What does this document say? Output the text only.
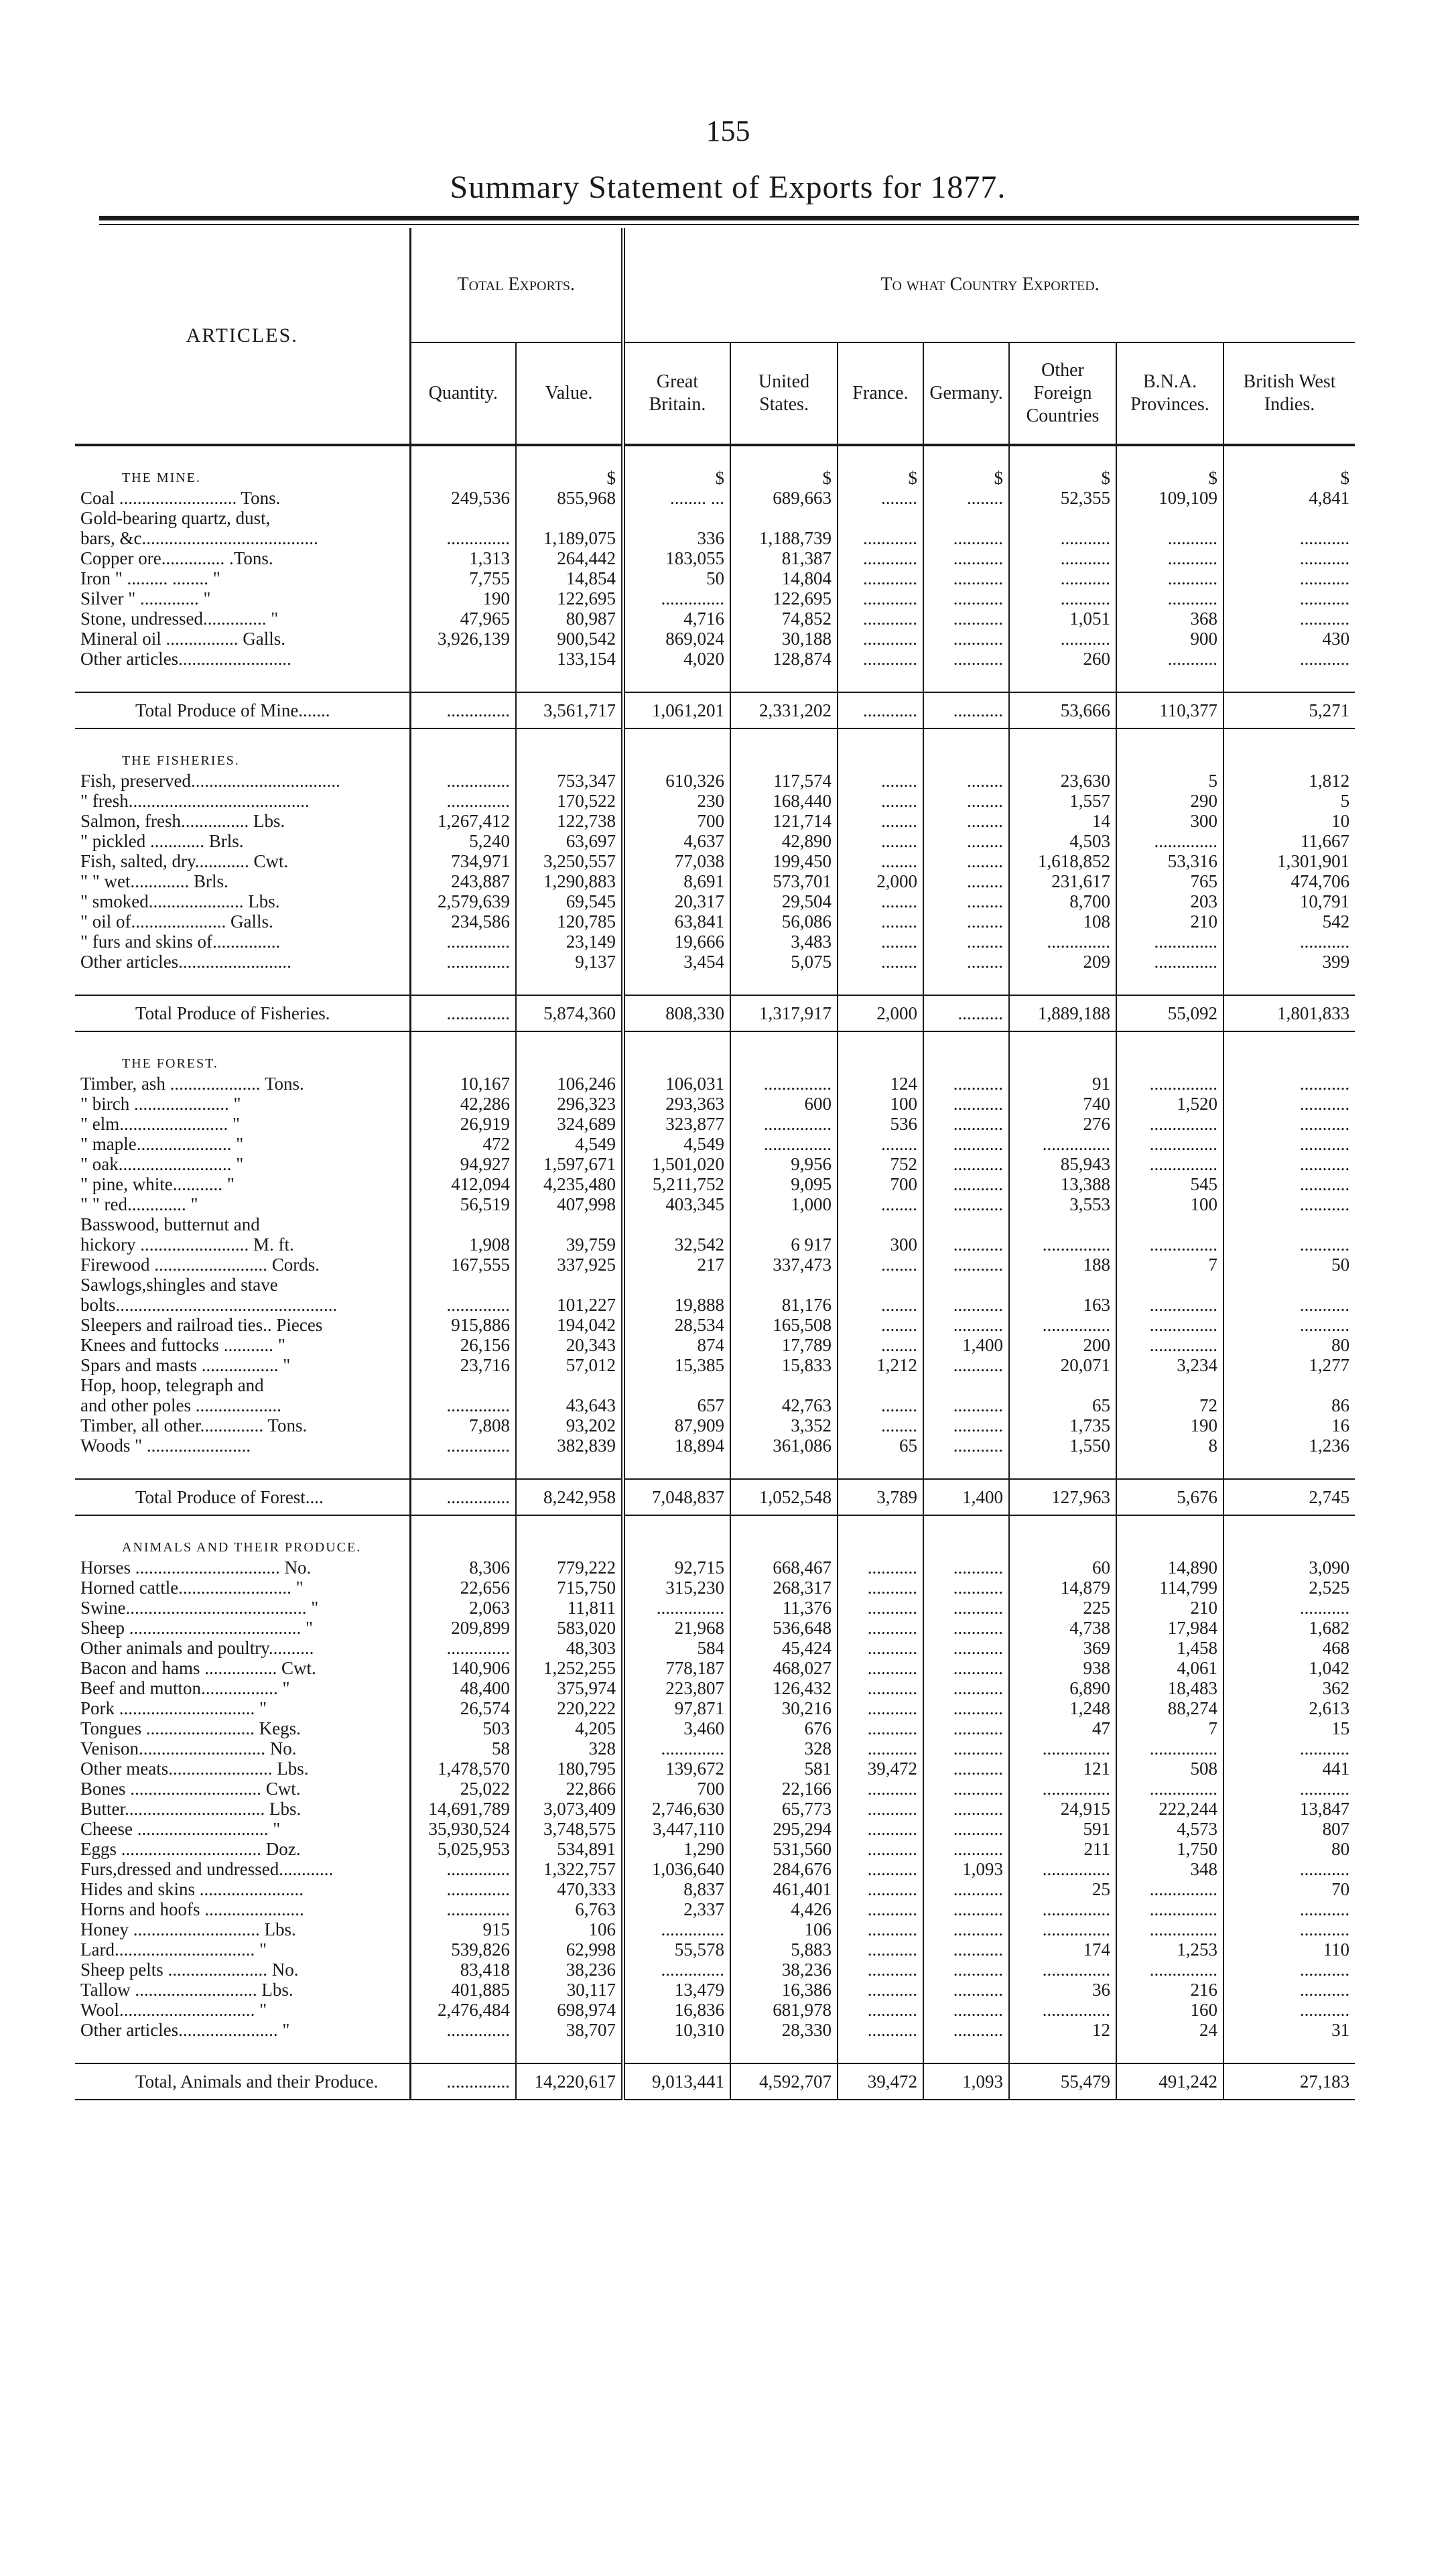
155
Summary Statement of Exports for 1877.
ARTICLES.	Total Exports.		To what Country Exported.						
	Quantity.	Value.	Great Britain.	United States.	France.	Germany.	Other Foreign Countries	B.N.A. Provinces.	British West Indies.
THE MINE.		$	$	$	$	$	$	$	$
Coal .......................... Tons.	249,536	855,968	........ ...	689,663	........	........	52,355	109,109	4,841
Gold-bearing quartz, dust,									
bars, &c.......................................	..............	1,189,075	336	1,188,739	............	...........	...........	...........	...........
Copper ore.............. .Tons.	1,313	264,442	183,055	81,387	............	...........	...........	...........	...........
Iron " ......... ........ "	7,755	14,854	50	14,804	............	...........	...........	...........	...........
Silver " ............. "	190	122,695	..............	122,695	............	...........	...........	...........	...........
Stone, undressed.............. "	47,965	80,987	4,716	74,852	............	...........	1,051	368	...........
Mineral oil ................ Galls.	3,926,139	900,542	869,024	30,188	............	...........	...........	900	430
Other articles.........................		133,154	4,020	128,874	............	...........	260	...........	...........

Total Produce of Mine.......	..............	3,561,717	1,061,201	2,331,202	............	...........	53,666	110,377	5,271
THE FISHERIES.									
Fish, preserved.................................	..............	753,347	610,326	117,574	........	........	23,630	5	1,812
" fresh........................................	..............	170,522	230	168,440	........	........	1,557	290	5
Salmon, fresh............... Lbs.	1,267,412	122,738	700	121,714	........	........	14	300	10
" pickled ............ Brls.	5,240	63,697	4,637	42,890	........	........	4,503	..............	11,667
Fish, salted, dry............ Cwt.	734,971	3,250,557	77,038	199,450	........	........	1,618,852	53,316	1,301,901
" " wet............. Brls.	243,887	1,290,883	8,691	573,701	2,000	........	231,617	765	474,706
" smoked..................... Lbs.	2,579,639	69,545	20,317	29,504	........	........	8,700	203	10,791
" oil of..................... Galls.	234,586	120,785	63,841	56,086	........	........	108	210	542
" furs and skins of...............	..............	23,149	19,666	3,483	........	........	..............	..............	...........
Other articles.........................	..............	9,137	3,454	5,075	........	........	209	..............	399

Total Produce of Fisheries.	..............	5,874,360	808,330	1,317,917	2,000	..........	1,889,188	55,092	1,801,833
THE FOREST.									
Timber, ash .................... Tons.	10,167	106,246	106,031	...............	124	...........	91	...............	...........
" birch ..................... "	42,286	296,323	293,363	600	100	...........	740	1,520	...........
" elm........................ "	26,919	324,689	323,877	...............	536	...........	276	...............	...........
" maple..................... "	472	4,549	4,549	...............	........	...........	...............	...............	...........
" oak......................... "	94,927	1,597,671	1,501,020	9,956	752	...........	85,943	...............	...........
" pine, white........... "	412,094	4,235,480	5,211,752	9,095	700	...........	13,388	545	...........
" " red............. "	56,519	407,998	403,345	1,000	........	...........	3,553	100	...........
Basswood, butternut and									
hickory ........................ M. ft.	1,908	39,759	32,542	6 917	300	...........	...............	...............	...........
Firewood ......................... Cords.	167,555	337,925	217	337,473	........	...........	188	7	50
Sawlogs,shingles and stave									
bolts.................................................	..............	101,227	19,888	81,176	........	...........	163	...............	...........
Sleepers and railroad ties.. Pieces	915,886	194,042	28,534	165,508	........	...........	...............	...............	...........
Knees and futtocks ........... "	26,156	20,343	874	17,789	........	1,400	200	...............	80
Spars and masts ................. "	23,716	57,012	15,385	15,833	1,212	...........	20,071	3,234	1,277
Hop, hoop, telegraph and									
and other poles ...................	..............	43,643	657	42,763	........	...........	65	72	86
Timber, all other.............. Tons.	7,808	93,202	87,909	3,352	........	...........	1,735	190	16
Woods " .......................	..............	382,839	18,894	361,086	65	...........	1,550	8	1,236

Total Produce of Forest....	..............	8,242,958	7,048,837	1,052,548	3,789	1,400	127,963	5,676	2,745
ANIMALS AND THEIR PRODUCE.									
Horses ................................ No.	8,306	779,222	92,715	668,467	...........	...........	60	14,890	3,090
Horned cattle......................... "	22,656	715,750	315,230	268,317	...........	...........	14,879	114,799	2,525
Swine........................................ "	2,063	11,811	...............	11,376	...........	...........	225	210	...........
Sheep ...................................... "	209,899	583,020	21,968	536,648	...........	...........	4,738	17,984	1,682
Other animals and poultry..........	..............	48,303	584	45,424	...........	...........	369	1,458	468
Bacon and hams ................ Cwt.	140,906	1,252,255	778,187	468,027	...........	...........	938	4,061	1,042
Beef and mutton................. "	48,400	375,974	223,807	126,432	...........	...........	6,890	18,483	362
Pork .............................. "	26,574	220,222	97,871	30,216	...........	...........	1,248	88,274	2,613
Tongues ........................ Kegs.	503	4,205	3,460	676	...........	...........	47	7	15
Venison............................ No.	58	328	..............	328	...........	...........	...............	...............	...........
Other meats....................... Lbs.	1,478,570	180,795	139,672	581	39,472	...........	121	508	441
Bones ............................. Cwt.	25,022	22,866	700	22,166	...........	...........	...............	...............	...........
Butter............................... Lbs.	14,691,789	3,073,409	2,746,630	65,773	...........	...........	24,915	222,244	13,847
Cheese ............................. "	35,930,524	3,748,575	3,447,110	295,294	...........	...........	591	4,573	807
Eggs ............................... Doz.	5,025,953	534,891	1,290	531,560	...........	...........	211	1,750	80
Furs,dressed and undressed............	..............	1,322,757	1,036,640	284,676	...........	1,093	...............	348	...........
Hides and skins .......................	..............	470,333	8,837	461,401	...........	...........	25	...............	70
Horns and hoofs ......................	..............	6,763	2,337	4,426	...........	...........	...............	...............	...........
Honey ............................ Lbs.	915	106	..............	106	...........	...........	...............	...............	...........
Lard............................... "	539,826	62,998	55,578	5,883	...........	...........	174	1,253	110
Sheep pelts ...................... No.	83,418	38,236	..............	38,236	...........	...........	...............	...............	...........
Tallow ........................... Lbs.	401,885	30,117	13,479	16,386	...........	...........	36	216	...........
Wool.............................. "	2,476,484	698,974	16,836	681,978	...........	...........	...............	160	...........
Other articles...................... "	..............	38,707	10,310	28,330	...........	...........	12	24	31

Total, Animals and their Produce.	..............	14,220,617	9,013,441	4,592,707	39,472	1,093	55,479	491,242	27,183
